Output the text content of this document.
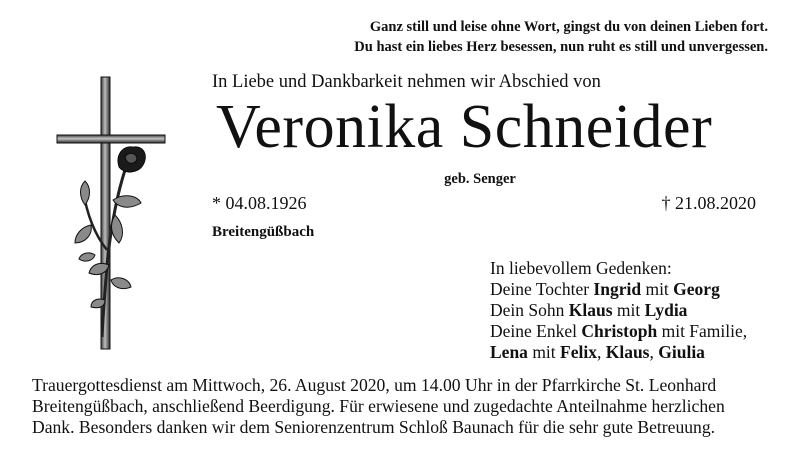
Ganz still und leise ohne Wort, gingst du von deinen Lieben fort.
Du hast ein liebes Herz besessen, nun ruht es still und unvergessen.
In Liebe und Dankbarkeit nehmen wir Abschied von
Veronika Schneider
geb. Senger
* 04.08.1926	† 21.08.2020
Breitengüßbach
In liebevollem Gedenken:
Deine Tochter Ingrid mit Georg
Dein Sohn Klaus mit Lydia
Deine Enkel Christoph mit Familie,
Lena mit Felix, Klaus, Giulia
Trauergottesdienst am Mittwoch, 26. August 2020, um 14.00 Uhr in der Pfarrkirche St. Leonhard
Breitengüßbach, anschließend Beerdigung. Für erwiesene und zugedachte Anteilnahme herzlichen
Dank. Besonders danken wir dem Seniorenzentrum Schloß Baunach für die sehr gute Betreuung.
